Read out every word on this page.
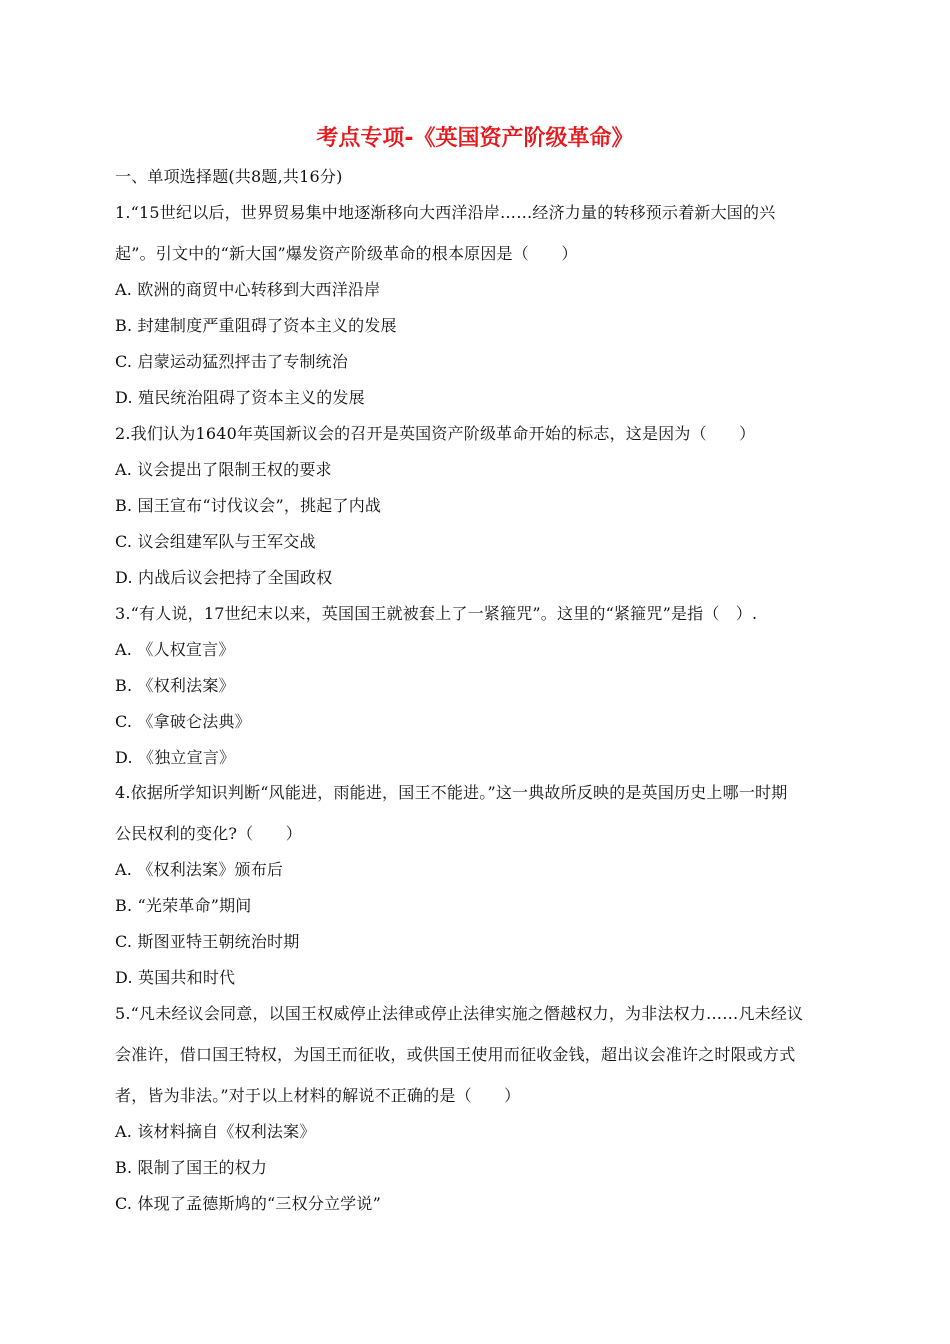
考点专项-《英国资产阶级革命》
一、单项选择题(共8题,共16分)
1.“15世纪以后，世界贸易集中地逐渐移向大西洋沿岸……经济力量的转移预示着新大国的兴
起”。引文中的“新大国”爆发资产阶级革命的根本原因是（　　）
A. 欧洲的商贸中心转移到大西洋沿岸
B. 封建制度严重阻碍了资本主义的发展
C. 启蒙运动猛烈抨击了专制统治
D. 殖民统治阻碍了资本主义的发展
2.我们认为1640年英国新议会的召开是英国资产阶级革命开始的标志，这是因为（　　）
A. 议会提出了限制王权的要求
B. 国王宣布“讨伐议会”，挑起了内战
C. 议会组建军队与王军交战
D. 内战后议会把持了全国政权
3.“有人说，17世纪末以来，英国国王就被套上了一紧箍咒”。这里的“紧箍咒”是指（　）.
A. 《人权宣言》
B. 《权利法案》
C. 《拿破仑法典》
D. 《独立宣言》
4.依据所学知识判断“风能进，雨能进，国王不能进。”这一典故所反映的是英国历史上哪一时期
公民权利的变化?（　　）
A. 《权利法案》颁布后
B. “光荣革命”期间
C. 斯图亚特王朝统治时期
D. 英国共和时代
5.“凡未经议会同意，以国王权威停止法律或停止法律实施之僭越权力，为非法权力……凡未经议
会准许，借口国王特权，为国王而征收，或供国王使用而征收金钱，超出议会准许之时限或方式
者，皆为非法。”对于以上材料的解说不正确的是（　　）
A. 该材料摘自《权利法案》
B. 限制了国王的权力
C. 体现了孟德斯鸠的“三权分立学说”
